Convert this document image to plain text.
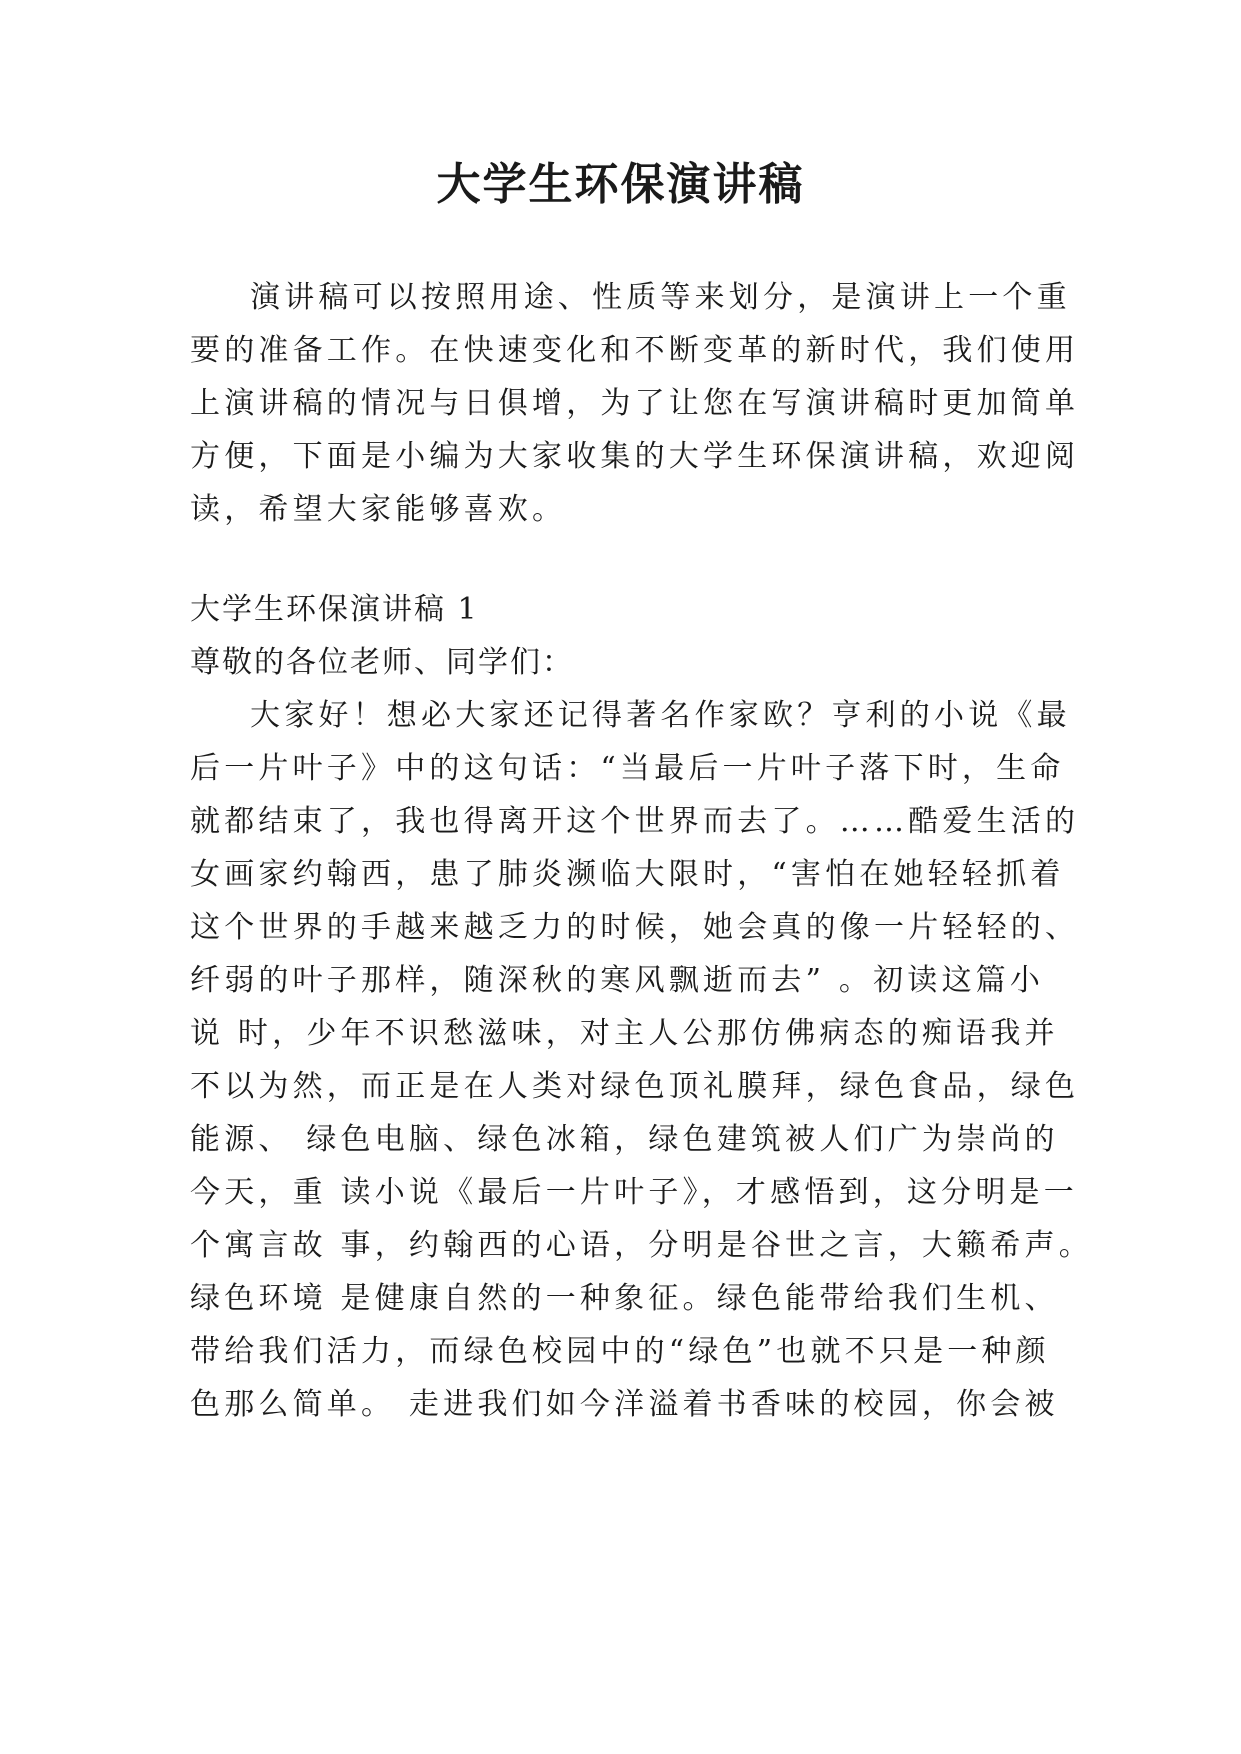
大学生环保演讲稿

演讲稿可以按照用途、性质等来划分，是演讲上一个重

要的准备工作。在快速变化和不断变革的新时代，我们使用

上演讲稿的情况与日俱增，为了让您在写演讲稿时更加简单

方便，下面是小编为大家收集的大学生环保演讲稿，欢迎阅

读，希望大家能够喜欢。

大学生环保演讲稿 1

尊敬的各位老师、同学们：

大家好！想必大家还记得著名作家欧？亨利的小说《最

后一片叶子》中的这句话：“当最后一片叶子落下时，生命

就都结束了，我也得离开这个世界而去了。……酷爱生活的

女画家约翰西，患了肺炎濒临大限时，“害怕在她轻轻抓着

这个世界的手越来越乏力的时候，她会真的像一片轻轻的、

纤弱的叶子那样，随深秋的寒风飘逝而去” 。初读这篇小

说 时，少年不识愁滋味，对主人公那仿佛病态的痴语我并

不以为然，而正是在人类对绿色顶礼膜拜，绿色食品，绿色

能源、 绿色电脑、绿色冰箱，绿色建筑被人们广为崇尚的

今天，重 读小说《最后一片叶子》，才感悟到，这分明是一

个寓言故 事，约翰西的心语，分明是谷世之言，大籁希声。

绿色环境 是健康自然的一种象征。绿色能带给我们生机、

带给我们活力，而绿色校园中的“绿色”也就不只是一种颜

色那么简单。 走进我们如今洋溢着书香味的校园，你会被
